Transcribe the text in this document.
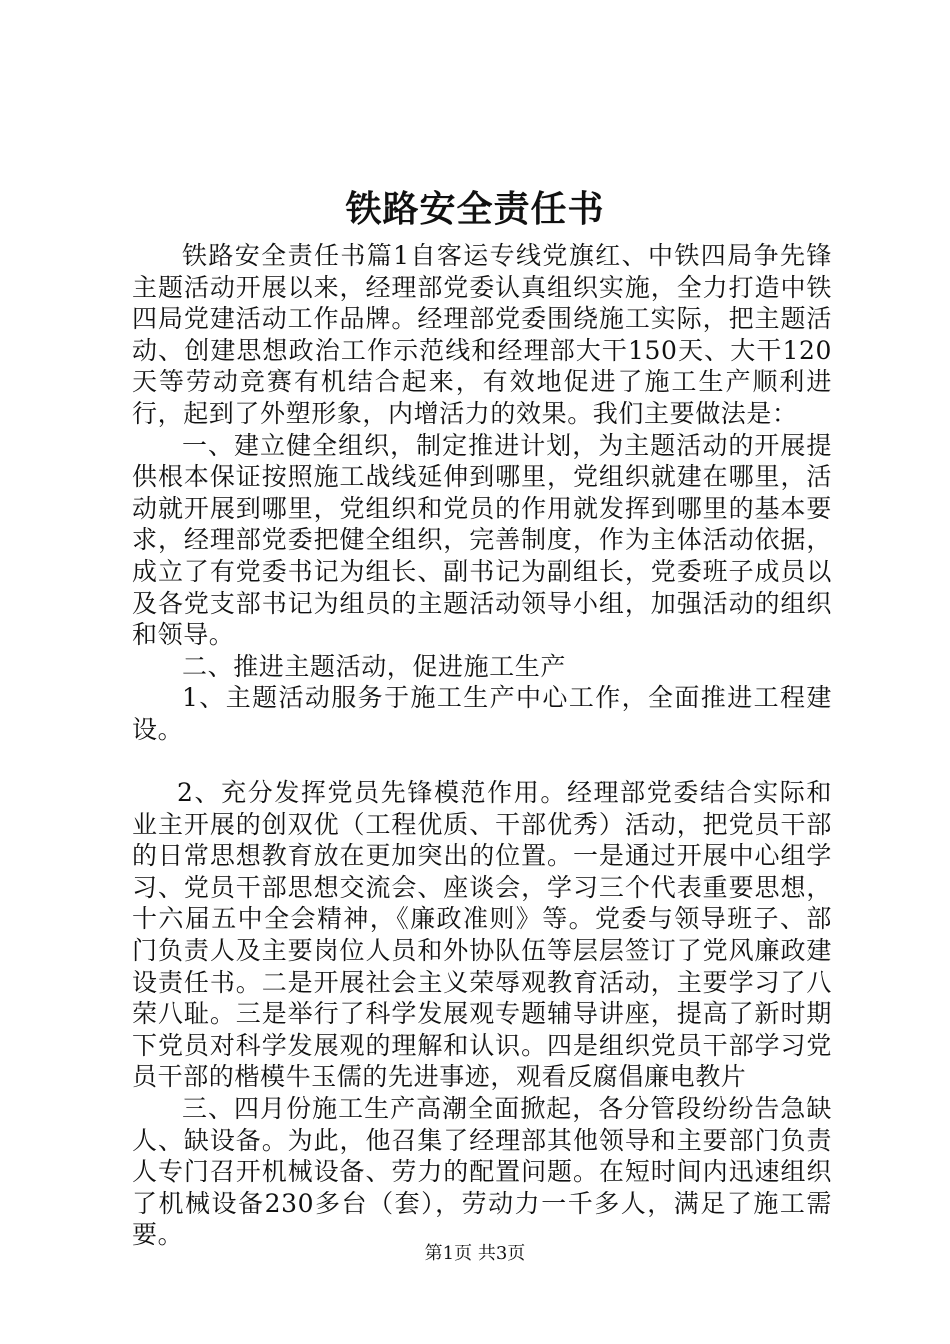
铁路安全责任书

铁路安全责任书篇1自客运专线党旗红、中铁四局争先锋主题活动开展以来，经理部党委认真组织实施，全力打造中铁四局党建活动工作品牌。经理部党委围绕施工实际，把主题活动、创建思想政治工作示范线和经理部大干150天、大干120天等劳动竞赛有机结合起来，有效地促进了施工生产顺利进行，起到了外塑形象，内增活力的效果。我们主要做法是：

一、建立健全组织，制定推进计划，为主题活动的开展提供根本保证按照施工战线延伸到哪里，党组织就建在哪里，活动就开展到哪里，党组织和党员的作用就发挥到哪里的基本要求，经理部党委把健全组织，完善制度，作为主体活动依据，成立了有党委书记为组长、副书记为副组长，党委班子成员以及各党支部书记为组员的主题活动领导小组，加强活动的组织和领导。

二、推进主题活动，促进施工生产

1、主题活动服务于施工生产中心工作，全面推进工程建设。

2、充分发挥党员先锋模范作用。经理部党委结合实际和业主开展的创双优（工程优质、干部优秀）活动，把党员干部的日常思想教育放在更加突出的位置。一是通过开展中心组学习、党员干部思想交流会、座谈会，学习三个代表重要思想，十六届五中全会精神，《廉政准则》等。党委与领导班子、部门负责人及主要岗位人员和外协队伍等层层签订了党风廉政建设责任书。二是开展社会主义荣辱观教育活动，主要学习了八荣八耻。三是举行了科学发展观专题辅导讲座，提高了新时期下党员对科学发展观的理解和认识。四是组织党员干部学习党员干部的楷模牛玉儒的先进事迹，观看反腐倡廉电教片

三、四月份施工生产高潮全面掀起，各分管段纷纷告急缺人、缺设备。为此，他召集了经理部其他领导和主要部门负责人专门召开机械设备、劳力的配置问题。在短时间内迅速组织了机械设备230多台（套），劳动力一千多人，满足了施工需要。

第1页 共3页
